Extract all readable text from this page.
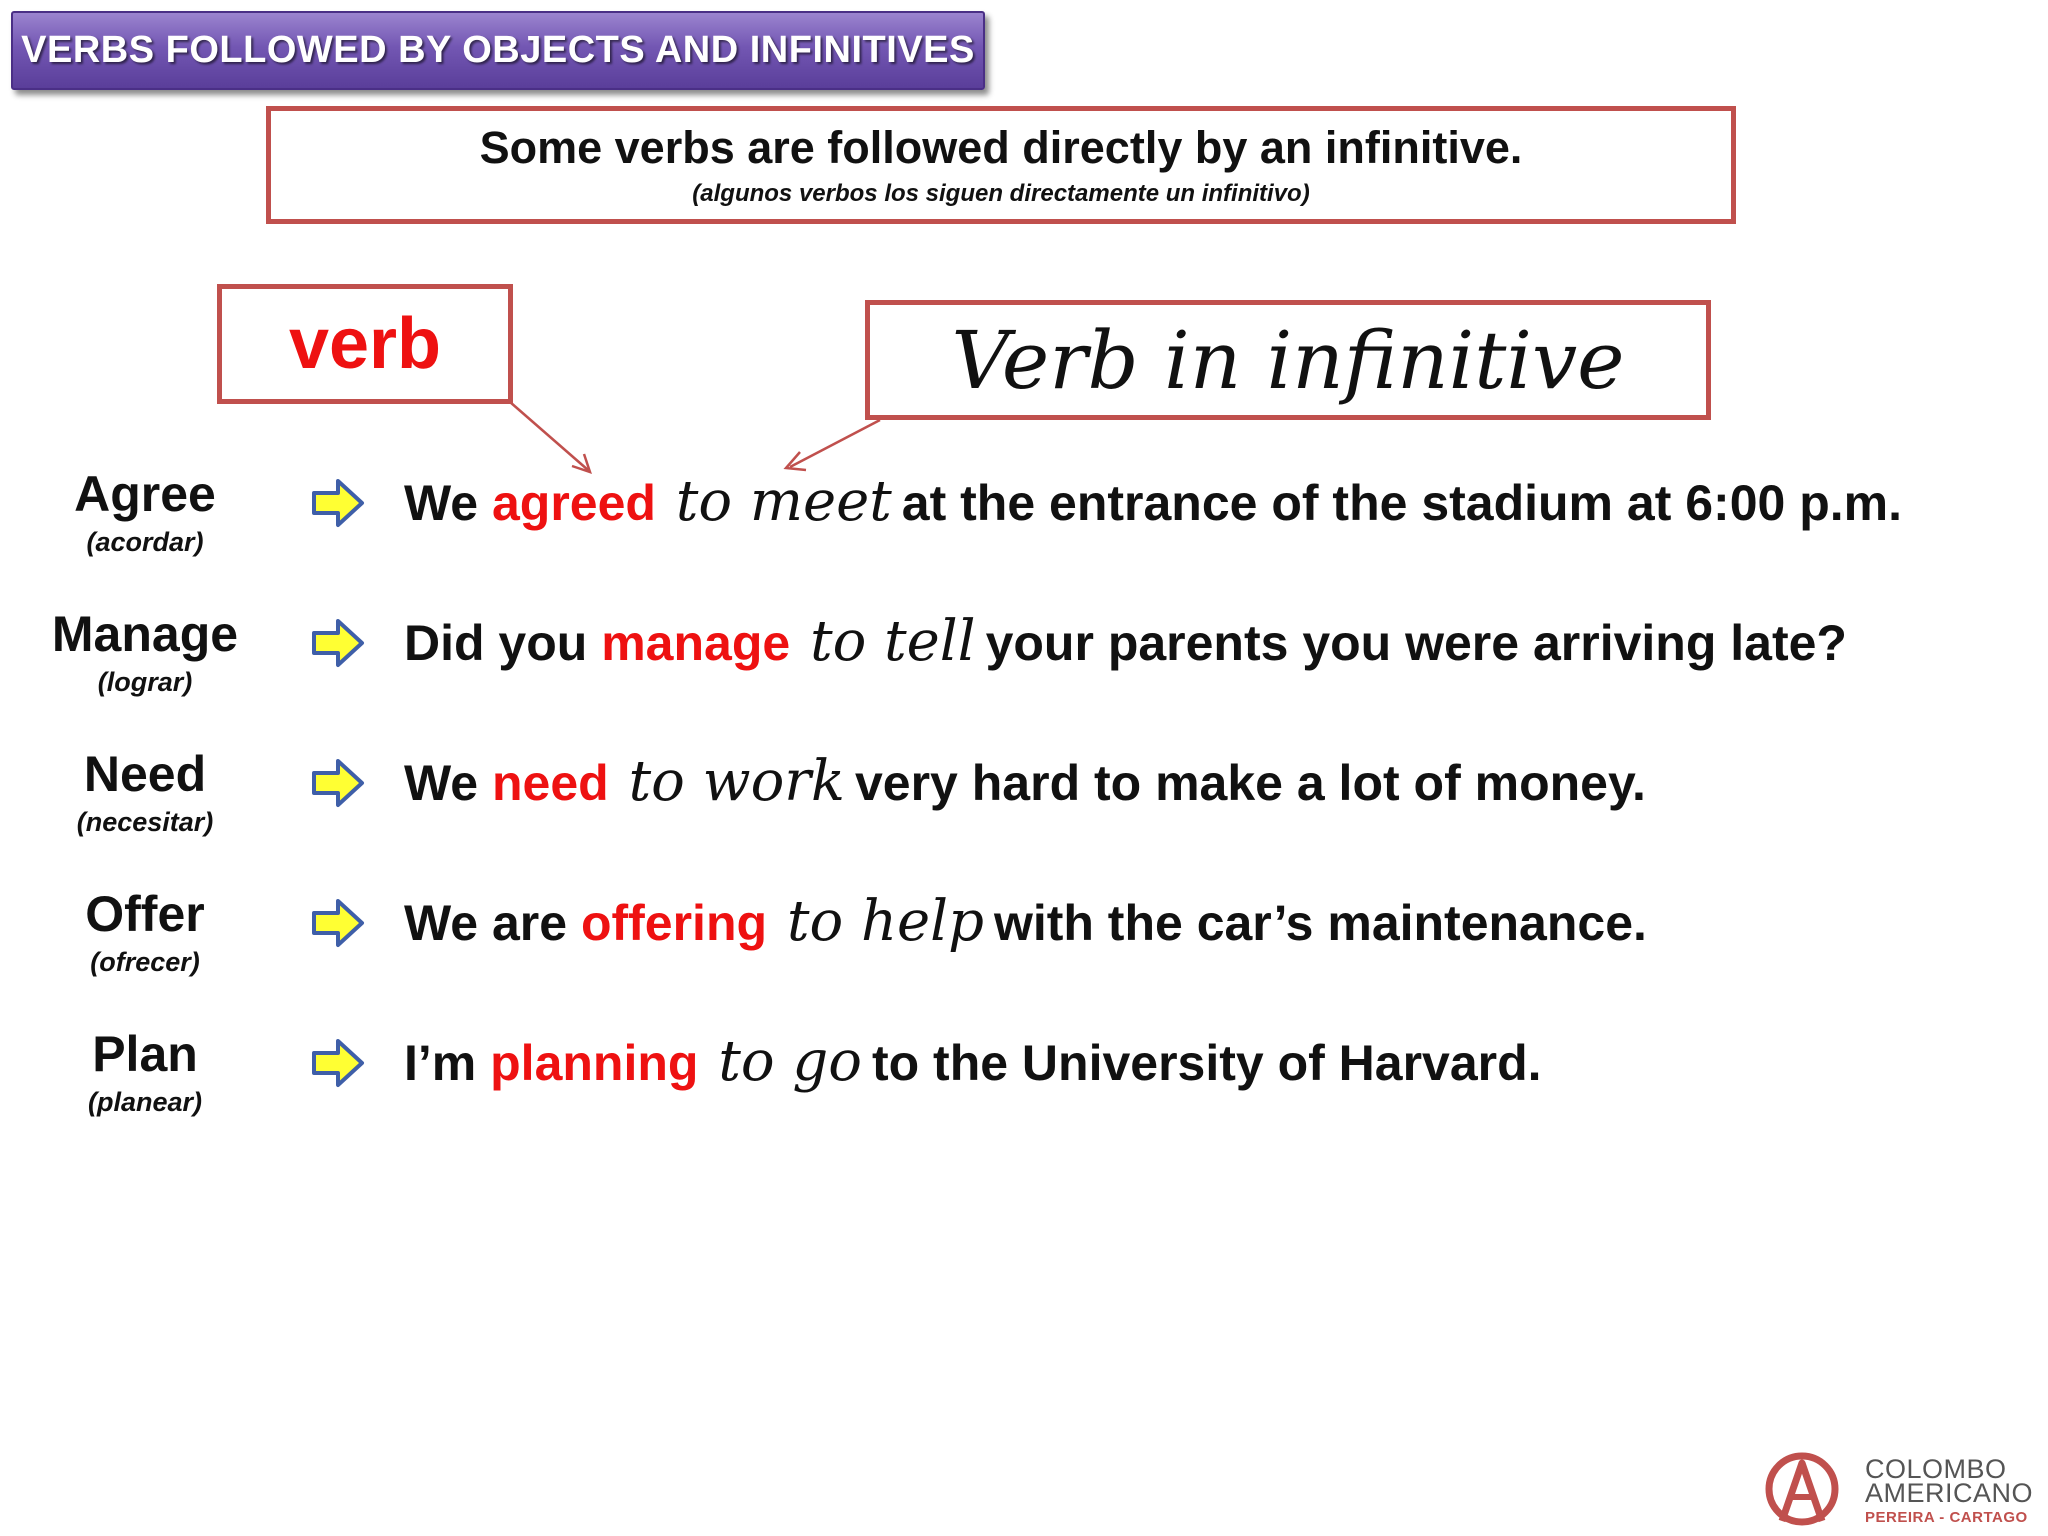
VERBS FOLLOWED BY OBJECTS AND INFINITIVES
Some verbs are followed directly by an infinitive.
(algunos verbos los siguen directamente un infinitivo)
verb	Verb in infinitive
Agree
(acordar)
We agreed to meet at the entrance of the stadium at 6:00 p.m.
Manage
(lograr)
Did you manage to tell your parents you were arriving late?
Need
(necesitar)
We need to work very hard to make a lot of money.
Offer
(ofrecer)
We are offering to help with the car’s maintenance.
Plan
(planear)
I’m planning to go to the University of Harvard.
COLOMBO
AMERICANO
PEREIRA - CARTAGO
